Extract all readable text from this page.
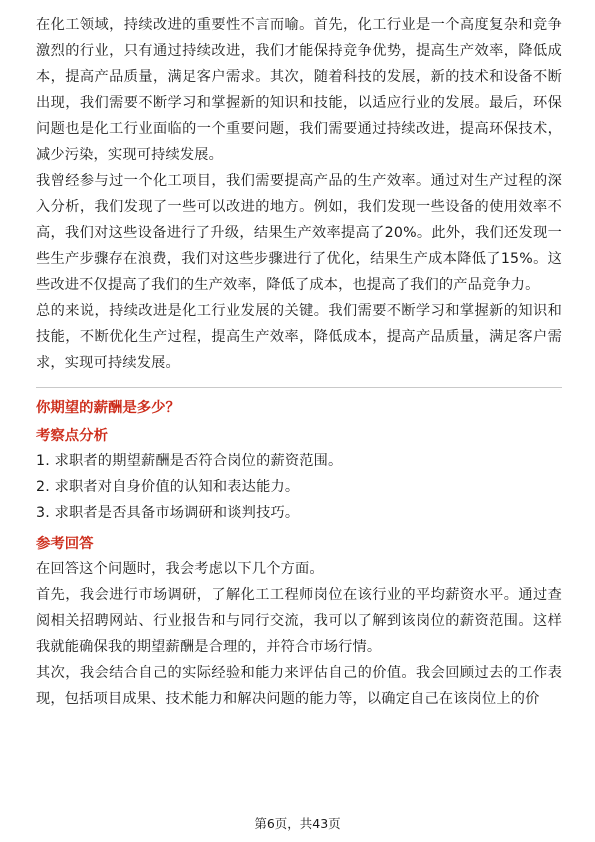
在化工领域，持续改进的重要性不言而喻。首先，化工行业是一个高度复杂和竞争激烈的行业，只有通过持续改进，我们才能保持竞争优势，提高生产效率，降低成本，提高产品质量，满足客户需求。其次，随着科技的发展，新的技术和设备不断出现，我们需要不断学习和掌握新的知识和技能，以适应行业的发展。最后，环保问题也是化工行业面临的一个重要问题，我们需要通过持续改进，提高环保技术，减少污染，实现可持续发展。

我曾经参与过一个化工项目，我们需要提高产品的生产效率。通过对生产过程的深入分析，我们发现了一些可以改进的地方。例如，我们发现一些设备的使用效率不高，我们对这些设备进行了升级，结果生产效率提高了20%。此外，我们还发现一些生产步骤存在浪费，我们对这些步骤进行了优化，结果生产成本降低了15%。这些改进不仅提高了我们的生产效率，降低了成本，也提高了我们的产品竞争力。

总的来说，持续改进是化工行业发展的关键。我们需要不断学习和掌握新的知识和技能，不断优化生产过程，提高生产效率，降低成本，提高产品质量，满足客户需求，实现可持续发展。

你期望的薪酬是多少？

考察点分析

1. 求职者的期望薪酬是否符合岗位的薪资范围。

2. 求职者对自身价值的认知和表达能力。

3. 求职者是否具备市场调研和谈判技巧。

参考回答

在回答这个问题时，我会考虑以下几个方面。

首先，我会进行市场调研，了解化工工程师岗位在该行业的平均薪资水平。通过查阅相关招聘网站、行业报告和与同行交流，我可以了解到该岗位的薪资范围。这样我就能确保我的期望薪酬是合理的，并符合市场行情。

其次，我会结合自己的实际经验和能力来评估自己的价值。我会回顾过去的工作表现，包括项目成果、技术能力和解决问题的能力等，以确定自己在该岗位上的价

第6页，共43页
